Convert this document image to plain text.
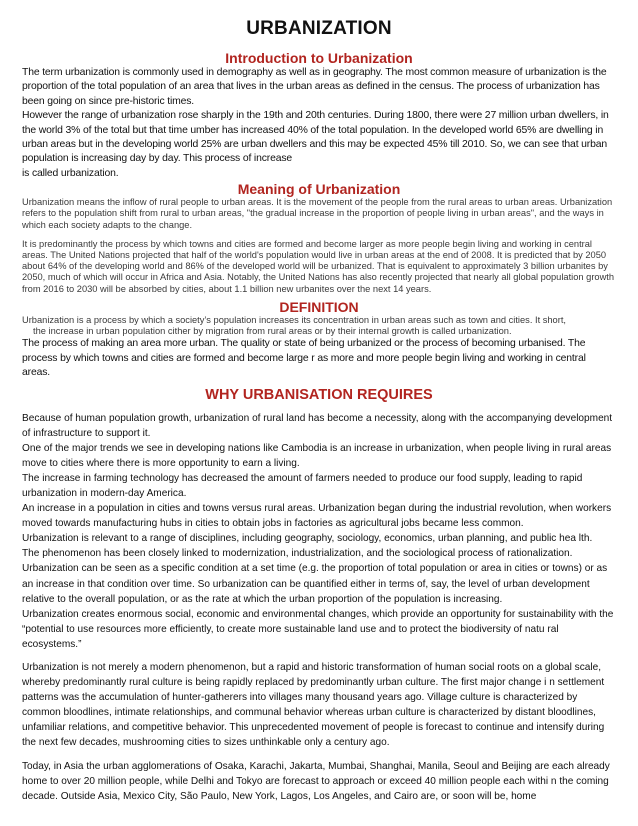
URBANIZATION
Introduction to Urbanization

The term urbanization is commonly used in demography as well as in geography. The most common measure of urbanization is the proportion of the total population of an area that lives in the urban areas as defined in the census. The process of urbanization has been going on since pre-historic times.

However the range of urbanization rose sharply in the 19th and 20th centuries. During 1800, there were 27 million urban dwellers, in the world 3% of the total but that time umber has increased 40% of the total population. In the developed world 65% are dwelling in urban areas but in the developing world 25% are urban dwellers and this may be expected 45% till 2010. So, we can see that urban population is increasing day by day. This process of increase

is called urbanization.

Meaning of Urbanization

Urbanization means the inflow of rural people to urban areas. It is the movement of the people from the rural areas to urban areas. Urbanization refers to the population shift from rural to urban areas, "the gradual increase in the proportion of people living in urban areas", and the ways in which each society adapts to the change.

It is predominantly the process by which towns and cities are formed and become larger as more people begin living and working in central areas. The United Nations projected that half of the world's population would live in urban areas at the end of 2008. It is predicted that by 2050 about 64% of the developing world and 86% of the developed world will be urbanized. That is equivalent to approximately 3 billion urbanites by 2050, much of which will occur in Africa and Asia. Notably, the United Nations has also recently projected that nearly all global population growth from 2016 to 2030 will be absorbed by cities, about 1.1 billion new urbanites over the next 14 years.

DEFINITION

Urbanization is a process by which a society’s population increases its concentration in urban areas such as town and cities. It short,

the increase in urban population cither by migration from rural areas or by their internal growth is called urbanization.

The process of making an area more urban. The quality or state of being urbanized or the process of becoming urbanised. The process by which towns and cities are formed and become large r as more and more people begin living and working in central areas.

WHY URBANISATION REQUIRES

Because of human population growth, urbanization of rural land has become a necessity, along with the accompanying development of infrastructure to support it.

One of the major trends we see in developing nations like Cambodia is an increase in urbanization, when people living in rural areas move to cities where there is more opportunity to earn a living.

The increase in farming technology has decreased the amount of farmers needed to produce our food supply, leading to rapid urbanization in modern-day America.

An increase in a population in cities and towns versus rural areas. Urbanization began during the industrial revolution, when workers moved towards manufacturing hubs in cities to obtain jobs in factories as agricultural jobs became less common.

Urbanization is relevant to a range of disciplines, including geography, sociology, economics, urban planning, and public hea lth.

The phenomenon has been closely linked to modernization, industrialization, and the sociological process of rationalization.

Urbanization can be seen as a specific condition at a set time (e.g. the proportion of total population or area in cities or towns) or as an increase in that condition over time. So urbanization can be quantified either in terms of, say, the level of urban development relative to the overall population, or as the rate at which the urban proportion of the population is increasing.

Urbanization creates enormous social, economic and environmental changes, which provide an opportunity for sustainability with the “potential to use resources more efficiently, to create more sustainable land use and to protect the biodiversity of natu ral ecosystems.”

Urbanization is not merely a modern phenomenon, but a rapid and historic transformation of human social roots on a global scale, whereby predominantly rural culture is being rapidly replaced by predominantly urban culture. The first major change i n settlement patterns was the accumulation of hunter-gatherers into villages many thousand years ago. Village culture is characterized by common bloodlines, intimate relationships, and communal behavior whereas urban culture is characterized by distant bloodlines, unfamiliar relations, and competitive behavior. This unprecedented movement of people is forecast to continue and intensify during the next few decades, mushrooming cities to sizes unthinkable only a century ago.

Today, in Asia the urban agglomerations of Osaka, Karachi, Jakarta, Mumbai, Shanghai, Manila, Seoul and Beijing are each already home to over 20 million people, while Delhi and Tokyo are forecast to approach or exceed 40 million people each withi n the coming decade. Outside Asia, Mexico City, São Paulo, New York, Lagos, Los Angeles, and Cairo are, or soon will be, home
